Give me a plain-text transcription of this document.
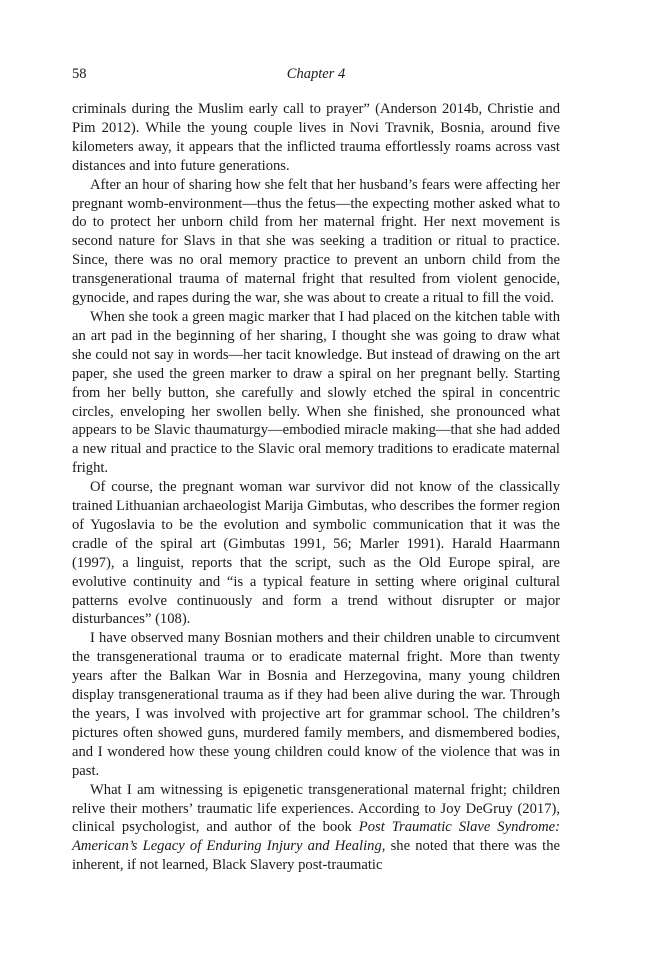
58	Chapter 4

criminals during the Muslim early call to prayer” (Anderson 2014b, Christie and Pim 2012). While the young couple lives in Novi Travnik, Bosnia, around five kilometers away, it appears that the inflicted trauma effortlessly roams across vast distances and into future generations.

After an hour of sharing how she felt that her husband’s fears were affecting her pregnant womb-environment—thus the fetus—the expecting mother asked what to do to protect her unborn child from her maternal fright. Her next movement is second nature for Slavs in that she was seeking a tradition or ritual to practice. Since, there was no oral memory practice to prevent an unborn child from the transgenerational trauma of maternal fright that resulted from violent genocide, gynocide, and rapes during the war, she was about to create a ritual to fill the void.

When she took a green magic marker that I had placed on the kitchen table with an art pad in the beginning of her sharing, I thought she was going to draw what she could not say in words—her tacit knowledge. But instead of drawing on the art paper, she used the green marker to draw a spiral on her pregnant belly. Starting from her belly button, she carefully and slowly etched the spiral in concentric circles, enveloping her swollen belly. When she finished, she pronounced what appears to be Slavic thaumaturgy—embodied miracle making—that she had added a new ritual and practice to the Slavic oral memory traditions to eradicate maternal fright.

Of course, the pregnant woman war survivor did not know of the classically trained Lithuanian archaeologist Marija Gimbutas, who describes the former region of Yugoslavia to be the evolution and symbolic communication that it was the cradle of the spiral art (Gimbutas 1991, 56; Marler 1991). Harald Haarmann (1997), a linguist, reports that the script, such as the Old Europe spiral, are evolutive continuity and “is a typical feature in setting where original cultural patterns evolve continuously and form a trend without disrupter or major disturbances” (108).

I have observed many Bosnian mothers and their children unable to circumvent the transgenerational trauma or to eradicate maternal fright. More than twenty years after the Balkan War in Bosnia and Herzegovina, many young children display transgenerational trauma as if they had been alive during the war. Through the years, I was involved with projective art for grammar school. The children’s pictures often showed guns, murdered family members, and dismembered bodies, and I wondered how these young children could know of the violence that was in past.

What I am witnessing is epigenetic transgenerational maternal fright; children relive their mothers’ traumatic life experiences. According to Joy DeGruy (2017), clinical psychologist, and author of the book Post Traumatic Slave Syndrome: American’s Legacy of Enduring Injury and Healing, she noted that there was the inherent, if not learned, Black Slavery post-traumatic
